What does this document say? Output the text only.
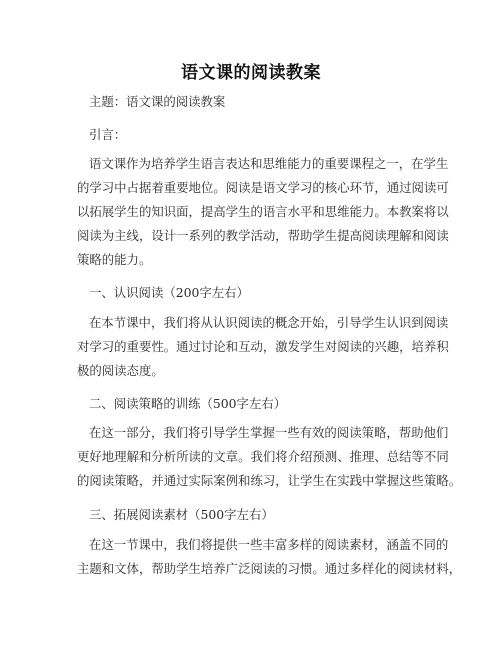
语文课的阅读教案
主题：语文课的阅读教案
引言：
语文课作为培养学生语言表达和思维能力的重要课程之一，在学生
的学习中占据着重要地位。阅读是语文学习的核心环节，通过阅读可
以拓展学生的知识面，提高学生的语言水平和思维能力。本教案将以
阅读为主线，设计一系列的教学活动，帮助学生提高阅读理解和阅读
策略的能力。
一、认识阅读（200字左右）
在本节课中，我们将从认识阅读的概念开始，引导学生认识到阅读
对学习的重要性。通过讨论和互动，激发学生对阅读的兴趣，培养积
极的阅读态度。
二、阅读策略的训练（500字左右）
在这一部分，我们将引导学生掌握一些有效的阅读策略，帮助他们
更好地理解和分析所读的文章。我们将介绍预测、推理、总结等不同
的阅读策略，并通过实际案例和练习，让学生在实践中掌握这些策略。
三、拓展阅读素材（500字左右）
在这一节课中，我们将提供一些丰富多样的阅读素材，涵盖不同的
主题和文体，帮助学生培养广泛阅读的习惯。通过多样化的阅读材料，
